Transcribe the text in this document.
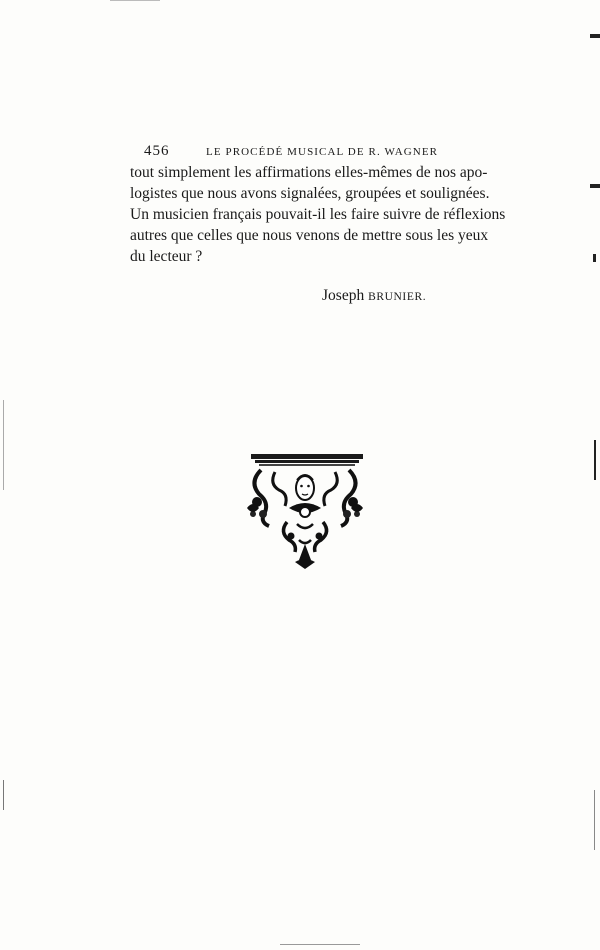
456	LE PROCÉDÉ MUSICAL DE R. WAGNER
tout simplement les affirmations elles-mêmes de nos apo-
logistes que nous avons signalées, groupées et soulignées.
Un musicien français pouvait-il les faire suivre de réflexions
autres que celles que nous venons de mettre sous les yeux
du lecteur ?
Joseph BRUNIER.
